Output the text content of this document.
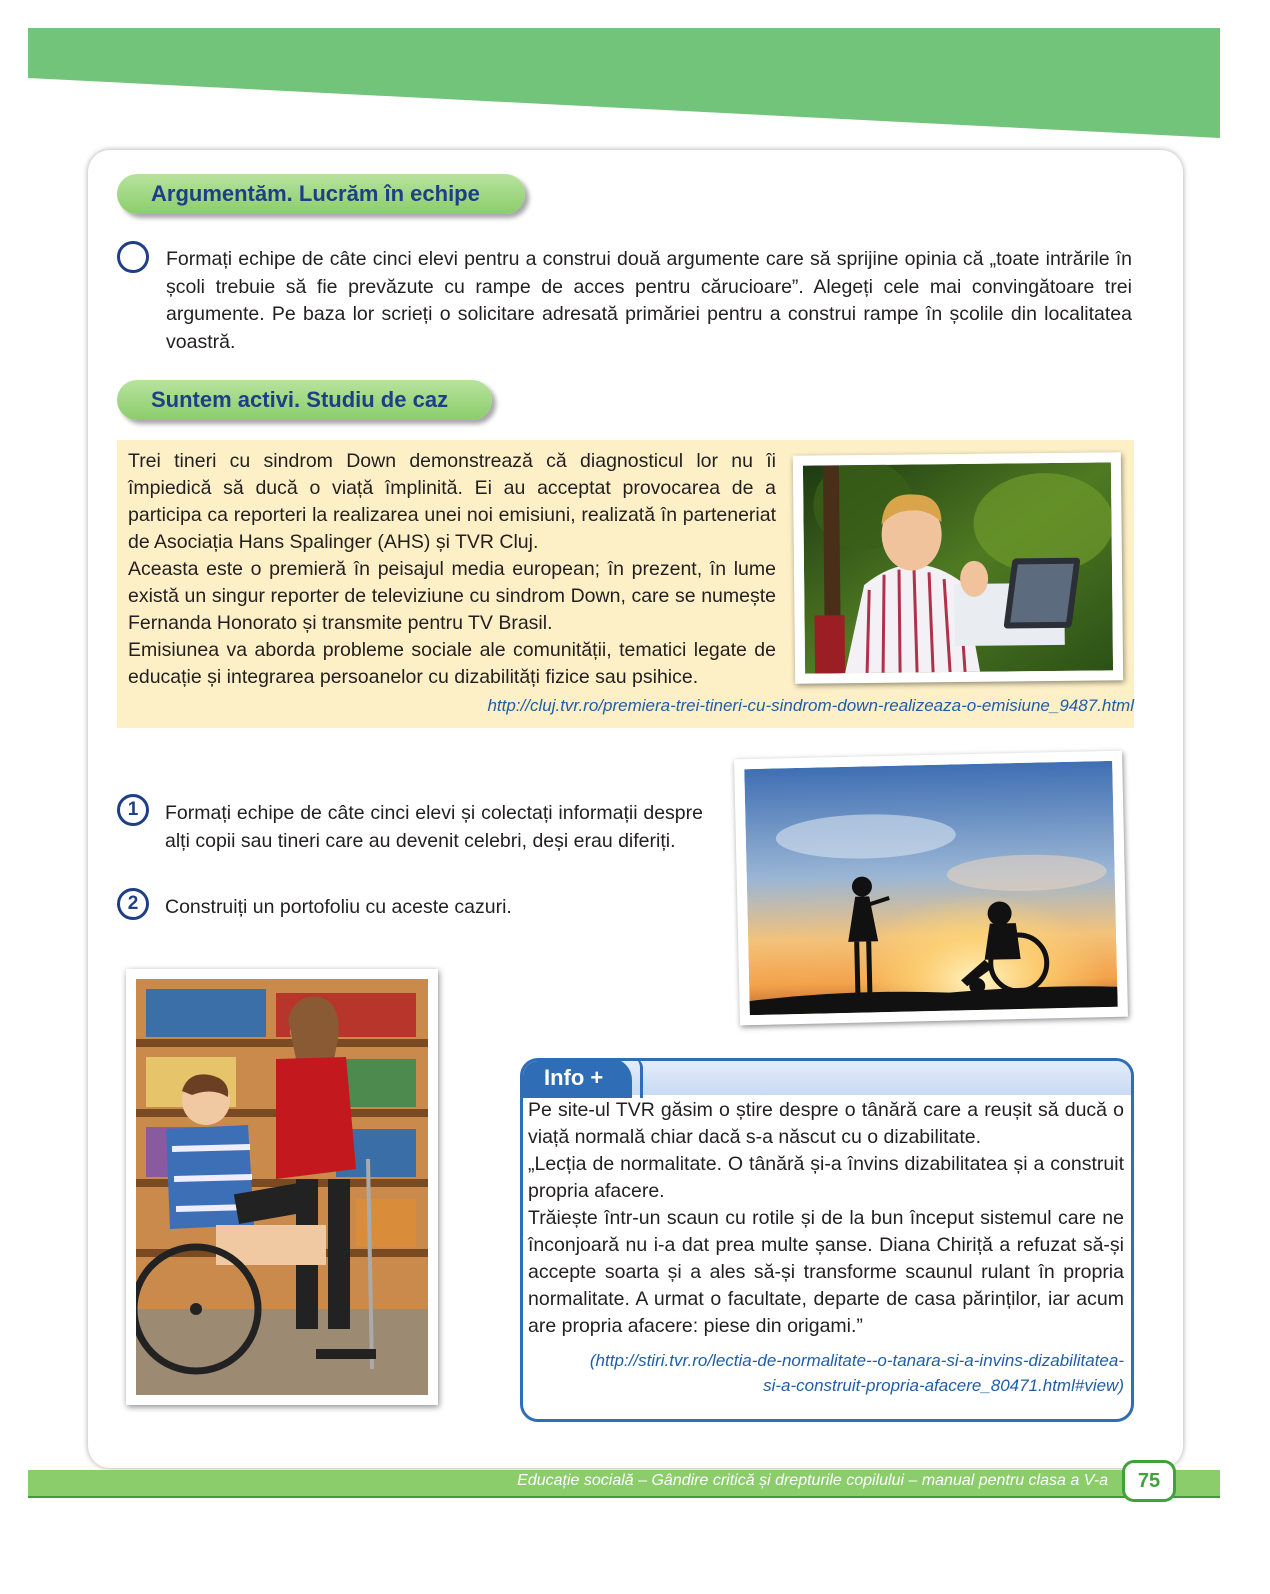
Argumentăm. Lucrăm în echipe
Formați echipe de câte cinci elevi pentru a construi două argumente care să sprijine opinia că „toate intrările în școli trebuie să fie prevăzute cu rampe de acces pentru cărucioare”. Alegeți cele mai convingătoare trei argumente. Pe baza lor scrieți o solicitare adresată primăriei pentru a construi rampe în școlile din localitatea voastră.
Suntem activi. Studiu de caz
Trei tineri cu sindrom Down demonstrează că diagnosticul lor nu îi împiedică să ducă o viață împlinită. Ei au acceptat provocarea de a participa ca reporteri la realizarea unei noi emisiuni, realizată în parteneriat de Asociația Hans Spalinger (AHS) și TVR Cluj.
Aceasta este o premieră în peisajul media european; în prezent, în lume există un singur reporter de televiziune cu sindrom Down, care se numește Fernanda Honorato și transmite pentru TV Brasil.
Emisiunea va aborda probleme sociale ale comunității, tematici legate de educație și integrarea persoanelor cu dizabilități fizice sau psihice.
http://cluj.tvr.ro/premiera-trei-tineri-cu-sindrom-down-realizeaza-o-emisiune_9487.html
1	Formați echipe de câte cinci elevi și colectați informații despre alți copii sau tineri care au devenit celebri, deși erau diferiți.
2	Construiți un portofoliu cu aceste cazuri.
Info +
Pe site-ul TVR găsim o știre despre o tânără care a reușit să ducă o viață normală chiar dacă s-a născut cu o dizabilitate.
„Lecția de normalitate. O tânără și-a învins dizabilitatea și a construit propria afacere.
Trăiește într-un scaun cu rotile și de la bun început sistemul care ne înconjoară nu i-a dat prea multe șanse. Diana Chiriță a refuzat să-și accepte soarta și a ales să-și transforme scaunul rulant în propria normalitate. A urmat o facultate, departe de casa părinților, iar acum are propria afacere: piese din origami.”
(http://stiri.tvr.ro/lectia-de-normalitate--o-tanara-si-a-invins-dizabilitatea-
si-a-construit-propria-afacere_80471.html#view)
Educație socială – Gândire critică și drepturile copilului – manual pentru clasa a V-a	75
